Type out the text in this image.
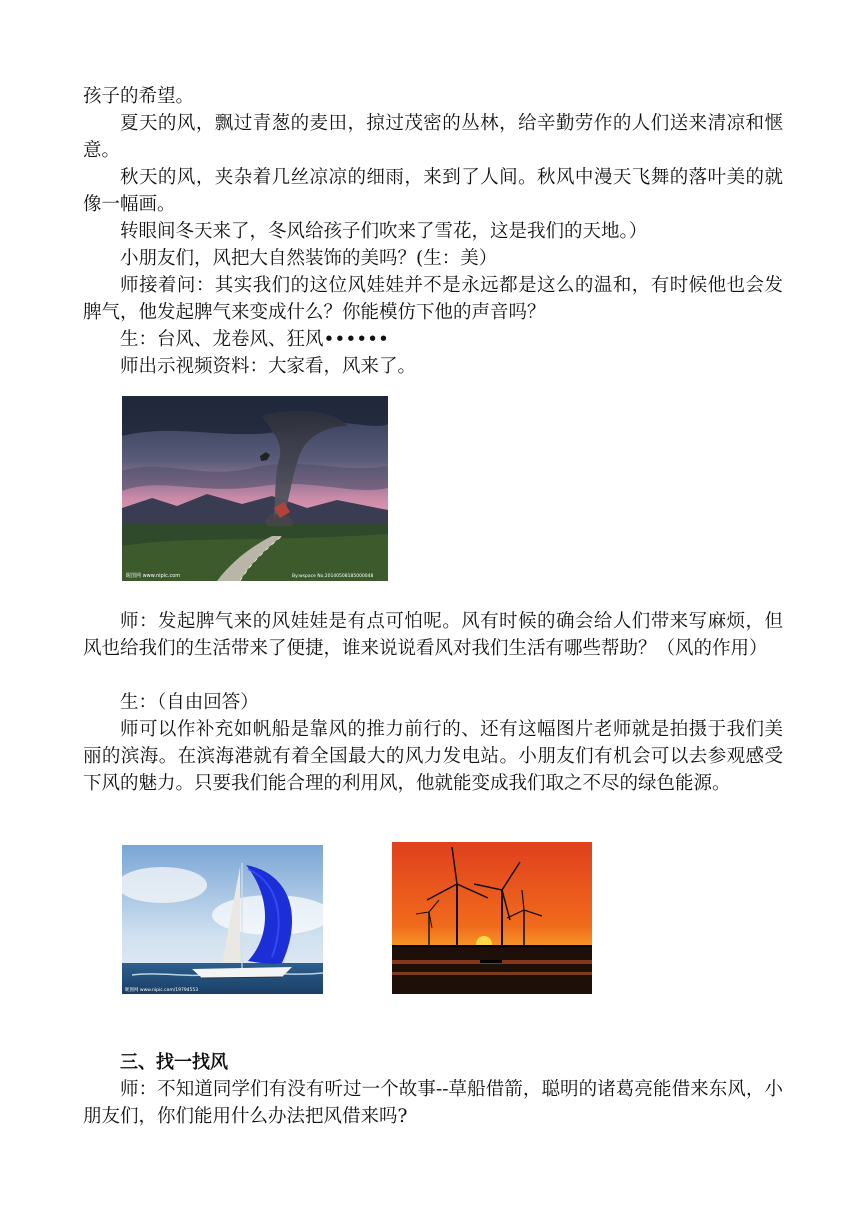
孩子的希望。

夏天的风，飘过青葱的麦田，掠过茂密的丛林，给辛勤劳作的人们送来清凉和惬意。

秋天的风，夹杂着几丝凉凉的细雨，来到了人间。秋风中漫天飞舞的落叶美的就像一幅画。

转眼间冬天来了，冬风给孩子们吹来了雪花，这是我们的天地。）

小朋友们，风把大自然装饰的美吗？(生：美）

师接着问：其实我们的这位风娃娃并不是永远都是这么的温和，有时候他也会发脾气，他发起脾气来变成什么？你能模仿下他的声音吗？

生：台风、龙卷风、狂风••••••

师出示视频资料：大家看，风来了。

昵图网 www.nipic.com	By:wspace No.20140508185000048

师：发起脾气来的风娃娃是有点可怕呢。风有时候的确会给人们带来写麻烦，但风也给我们的生活带来了便捷，谁来说说看风对我们生活有哪些帮助？（风的作用）

生：（自由回答）

师可以作补充如帆船是靠风的推力前行的、还有这幅图片老师就是拍摄于我们美丽的滨海。在滨海港就有着全国最大的风力发电站。小朋友们有机会可以去参观感受下风的魅力。只要我们能合理的利用风，他就能变成我们取之不尽的绿色能源。

昵图网 www.nipic.com/19794553

三、找一找风

师：不知道同学们有没有听过一个故事--草船借箭，聪明的诸葛亮能借来东风，小朋友们，你们能用什么办法把风借来吗?
